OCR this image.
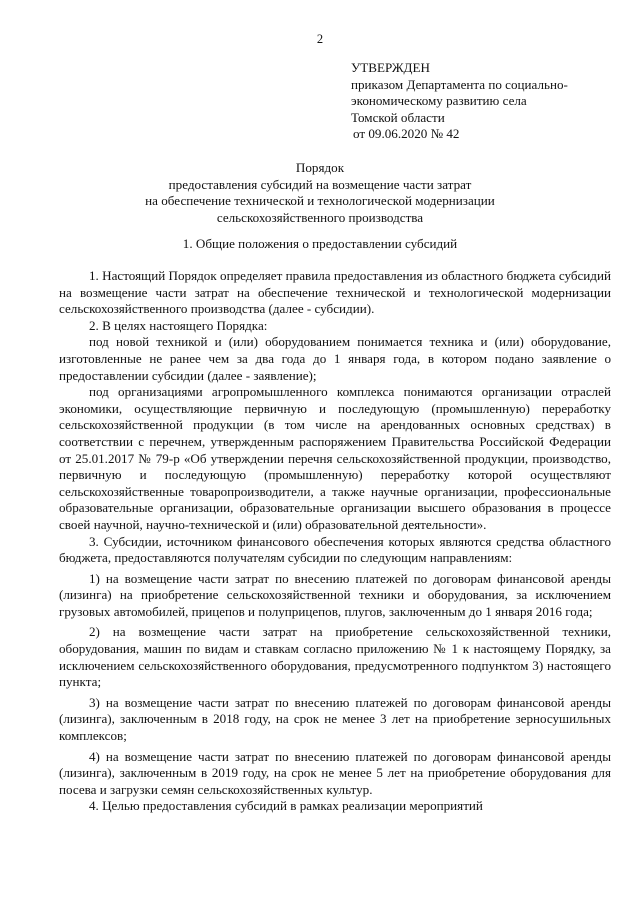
2
УТВЕРЖДЕН
приказом Департамента по социально-
экономическому развитию села
Томской области
от 09.06.2020 № 42
Порядок
предоставления субсидий на возмещение части затрат
на обеспечение технической и технологической модернизации
сельскохозяйственного производства
1. Общие положения о предоставлении субсидий

1. Настоящий Порядок определяет правила предоставления из областного бюджета субсидий на возмещение части затрат на обеспечение технической и технологической модернизации сельскохозяйственного производства (далее - субсидии).

2. В целях настоящего Порядка:

под новой техникой и (или) оборудованием понимается техника и (или) оборудование, изготовленные не ранее чем за два года до 1 января года, в котором подано заявление о предоставлении субсидии (далее - заявление);

под организациями агропромышленного комплекса понимаются организации отраслей экономики, осуществляющие первичную и последующую (промышленную) переработку сельскохозяйственной продукции (в том числе на арендованных основных средствах) в соответствии с перечнем, утвержденным распоряжением Правительства Российской Федерации от 25.01.2017 № 79-р «Об утверждении перечня сельскохозяйственной продукции, производство, первичную и последующую (промышленную) переработку которой осуществляют сельскохозяйственные товаропроизводители, а также научные организации, профессиональные образовательные организации, образовательные организации высшего образования в процессе своей научной, научно-технической и (или) образовательной деятельности».

3. Субсидии, источником финансового обеспечения которых являются средства областного бюджета, предоставляются получателям субсидии по следующим направлениям:

1) на возмещение части затрат по внесению платежей по договорам финансовой аренды (лизинга) на приобретение сельскохозяйственной техники и оборудования, за исключением грузовых автомобилей, прицепов и полуприцепов, плугов, заключенным до 1 января 2016 года;

2) на возмещение части затрат на приобретение сельскохозяйственной техники, оборудования, машин по видам и ставкам согласно приложению № 1 к настоящему Порядку, за исключением сельскохозяйственного оборудования, предусмотренного подпунктом 3) настоящего пункта;

3) на возмещение части затрат по внесению платежей по договорам финансовой аренды (лизинга), заключенным в 2018 году, на срок не менее 3 лет на приобретение зерносушильных комплексов;

4) на возмещение части затрат по внесению платежей по договорам финансовой аренды (лизинга), заключенным в 2019 году, на срок не менее 5 лет на приобретение оборудования для посева и загрузки семян сельскохозяйственных культур.

4. Целью предоставления субсидий в рамках реализации мероприятий
